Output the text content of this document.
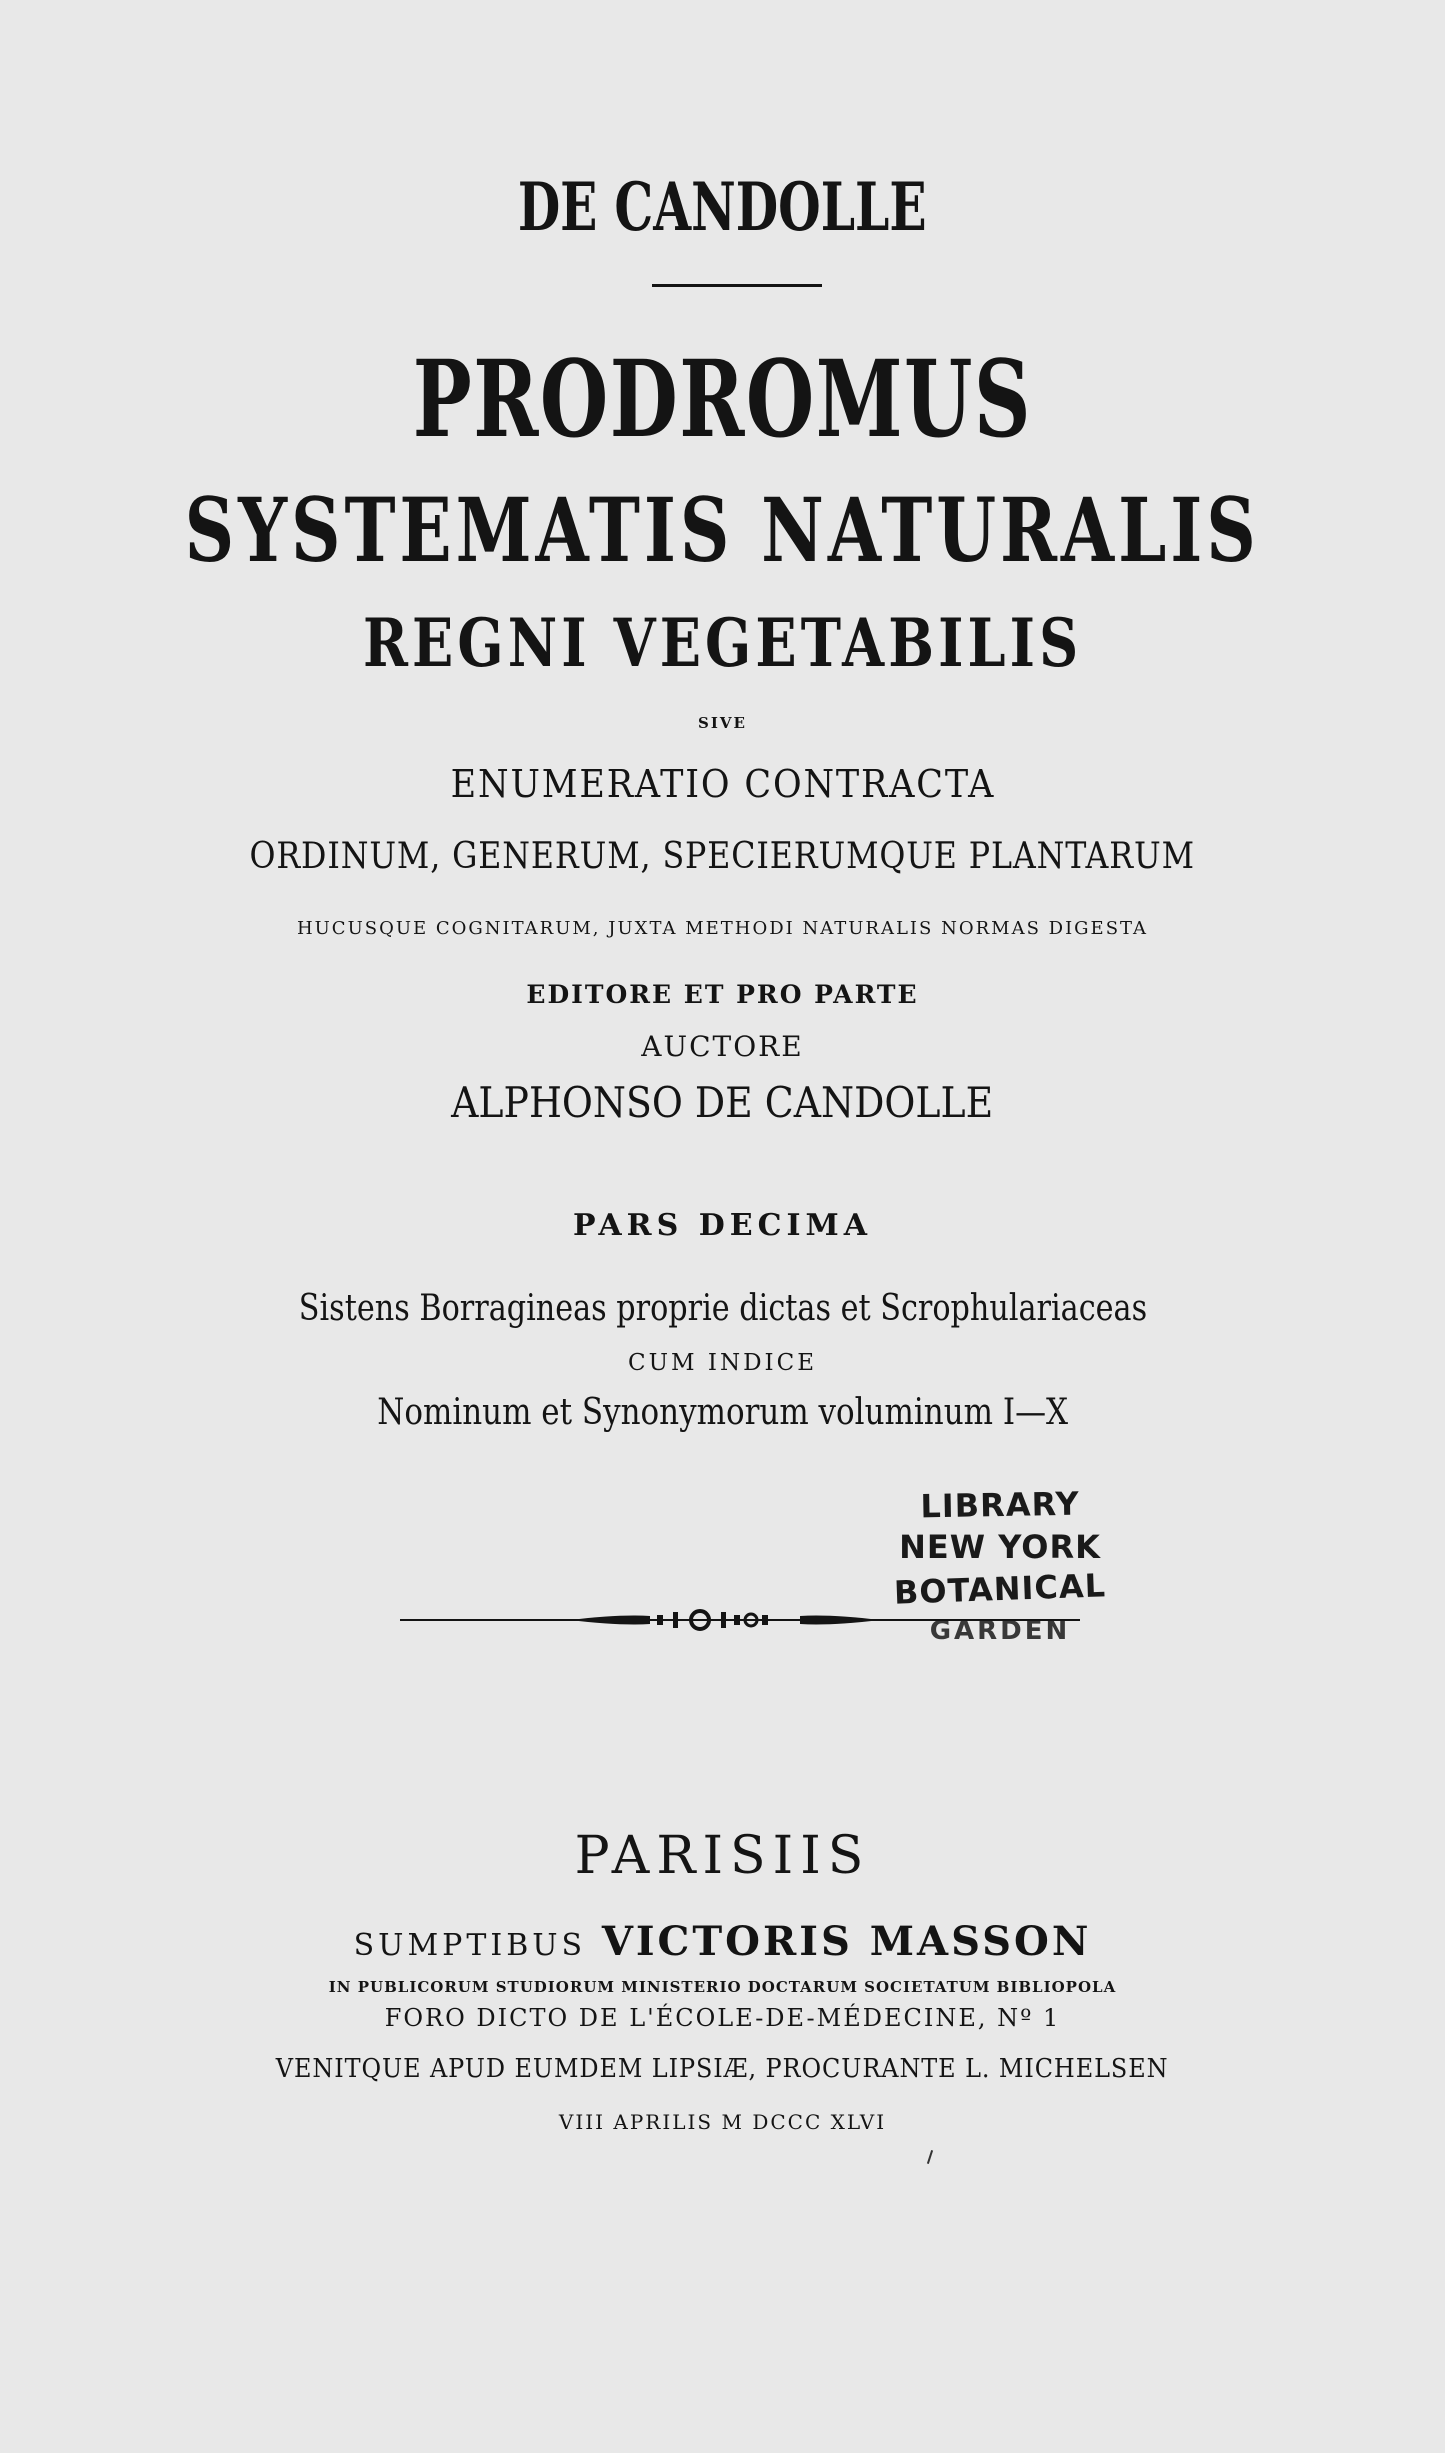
DE CANDOLLE
PRODROMUS
SYSTEMATIS NATURALIS
REGNI VEGETABILIS
SIVE
ENUMERATIO CONTRACTA
ORDINUM, GENERUM, SPECIERUMQUE PLANTARUM
HUCUSQUE COGNITARUM, JUXTA METHODI NATURALIS NORMAS DIGESTA
EDITORE ET PRO PARTE
AUCTORE
ALPHONSO DE CANDOLLE
PARS DECIMA
Sistens Borragineas proprie dictas et Scrophulariaceas
CUM INDICE
Nominum et Synonymorum voluminum I—X
LIBRARY
NEW YORK
BOTANICAL
GARDEN
PARISIIS
SUMPTIBUS VICTORIS MASSON
IN PUBLICORUM STUDIORUM MINISTERIO DOCTARUM SOCIETATUM BIBLIOPOLA
FORO DICTO DE L'ÉCOLE-DE-MÉDECINE, Nº 1
VENITQUE APUD EUMDEM LIPSIÆ, PROCURANTE L. MICHELSEN
VIII APRILIS M DCCC XLVI
